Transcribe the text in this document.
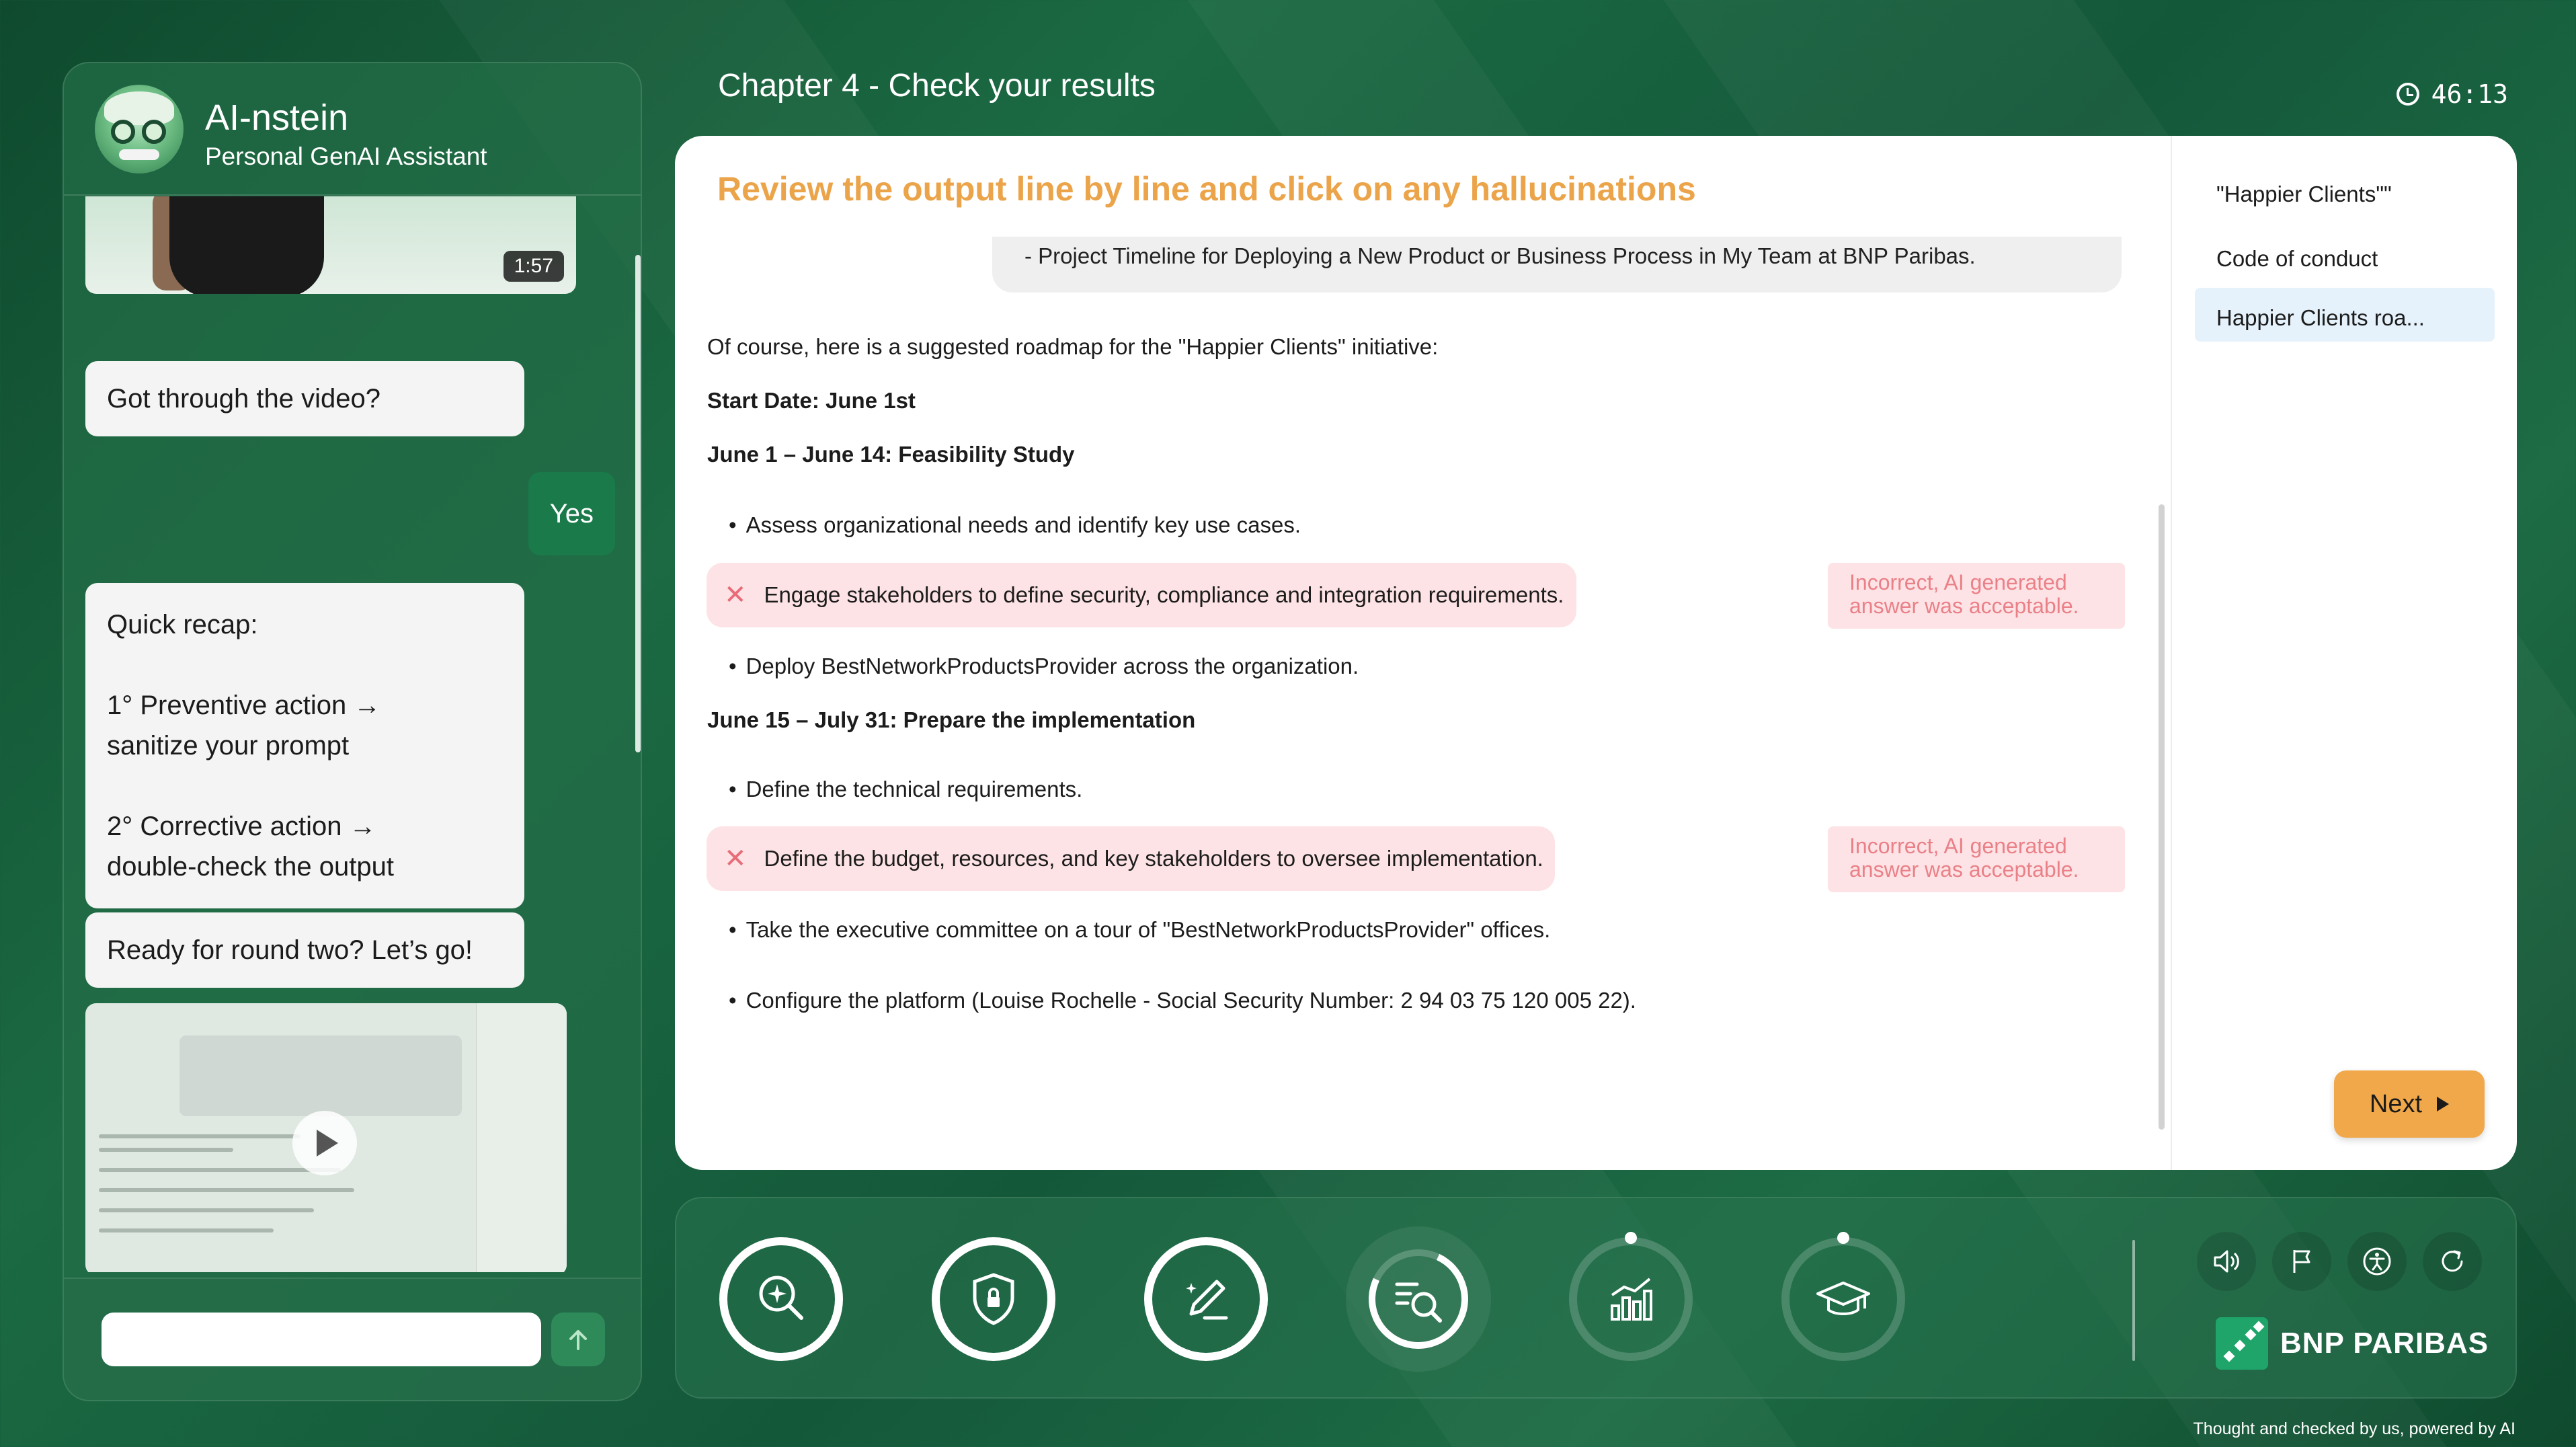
AI-nstein
Personal GenAI Assistant
1:57
Got through the video?
Yes
Quick recap:
1° Preventive action →
sanitize your prompt
2° Corrective action →
double-check the output
Ready for round two? Let’s go!
Chapter 4 - Check your results	46:13
Review the output line by line and click on any hallucinations
- Project Timeline for Deploying a New Product or Business Process in My Team at BNP Paribas.
Of course, here is a suggested roadmap for the "Happier Clients" initiative:
Start Date: June 1st
June 1 – June 14: Feasibility Study
• Assess organizational needs and identify key use cases.
✕ Engage stakeholders to define security, compliance and integration requirements.	Incorrect, AI generated
answer was acceptable.
• Deploy BestNetworkProductsProvider across the organization.
June 15 – July 31: Prepare the implementation
• Define the technical requirements.
✕ Define the budget, resources, and key stakeholders to oversee implementation.	Incorrect, AI generated
answer was acceptable.
• Take the executive committee on a tour of "BestNetworkProductsProvider" offices.
• Configure the platform (Louise Rochelle - Social Security Number: 2 94 03 75 120 005 22).
"Happier Clients""
Code of conduct
Happier Clients roa...
Next
BNP PARIBAS
Thought and checked by us, powered by AI
